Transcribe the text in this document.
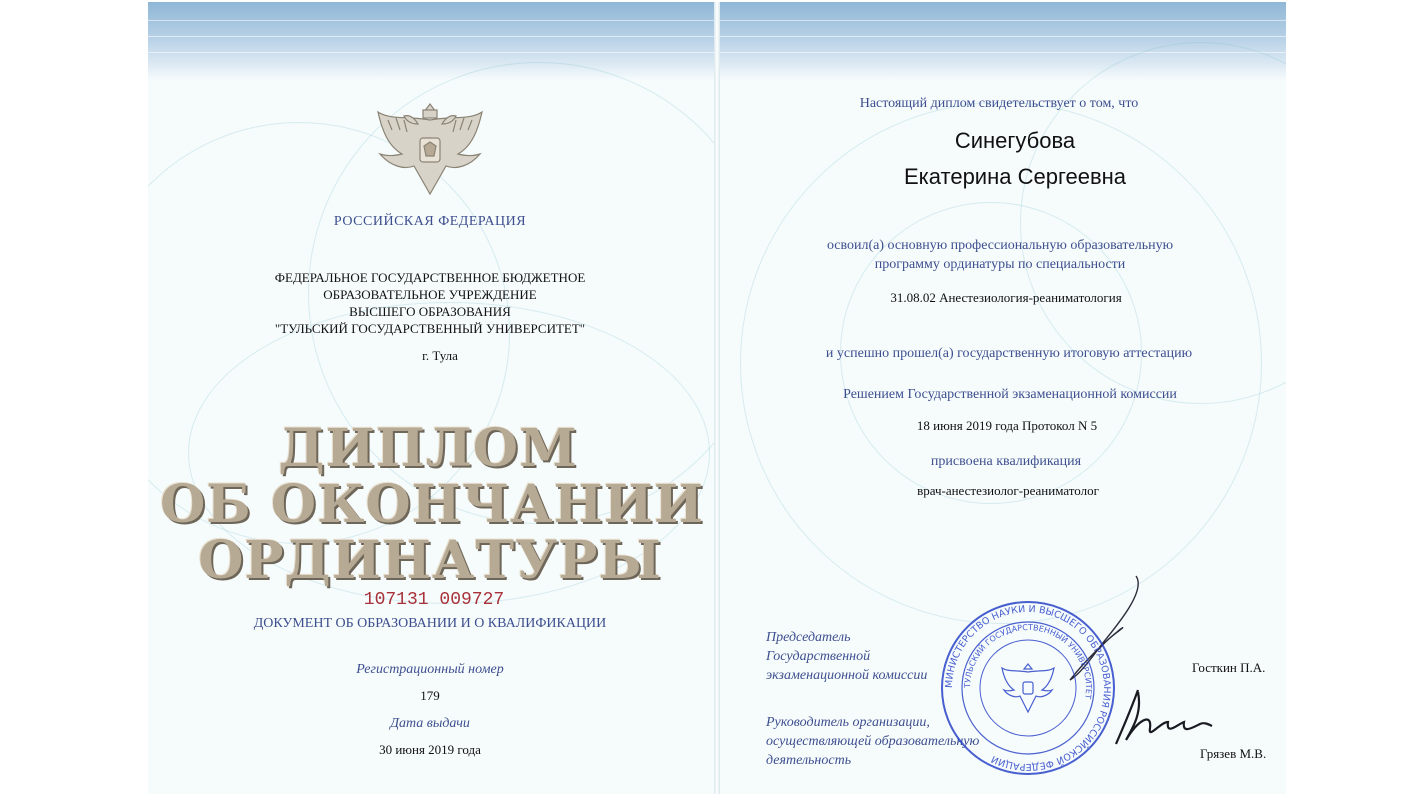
РОССИЙСКАЯ ФЕДЕРАЦИЯ
ФЕДЕРАЛЬНОЕ ГОСУДАРСТВЕННОЕ БЮДЖЕТНОЕ
ОБРАЗОВАТЕЛЬНОЕ УЧРЕЖДЕНИЕ
ВЫСШЕГО ОБРАЗОВАНИЯ
"ТУЛЬСКИЙ ГОСУДАРСТВЕННЫЙ УНИВЕРСИТЕТ"
г. Тула
ДИПЛОМ
ОБ ОКОНЧАНИИ
ОРДИНАТУРЫ
107131 009727
ДОКУМЕНТ ОБ ОБРАЗОВАНИИ И О КВАЛИФИКАЦИИ
Регистрационный номер
179
Дата выдачи
30 июня 2019 года
Настоящий диплом свидетельствует о том, что
Синегубова
Екатерина Сергеевна
освоил(а) основную профессиональную образовательную
программу ординатуры по специальности
31.08.02 Анестезиология-реаниматология
и успешно прошел(а) государственную итоговую аттестацию
Решением Государственной экзаменационной комиссии
18 июня 2019 года Протокол N 5
присвоена квалификация
врач-анестезиолог-реаниматолог
Председатель
Государственной
экзаменационной комиссии
Госткин П.А.
Руководитель организации,
осуществляющей образовательную
деятельность	Грязев М.В.
МИНИСТЕРСТВО НАУКИ И ВЫСШЕГО ОБРАЗОВАНИЯ РОССИЙСКОЙ ФЕДЕРАЦИИ
ТУЛЬСКИЙ ГОСУДАРСТВЕННЫЙ УНИВЕРСИТЕТ
